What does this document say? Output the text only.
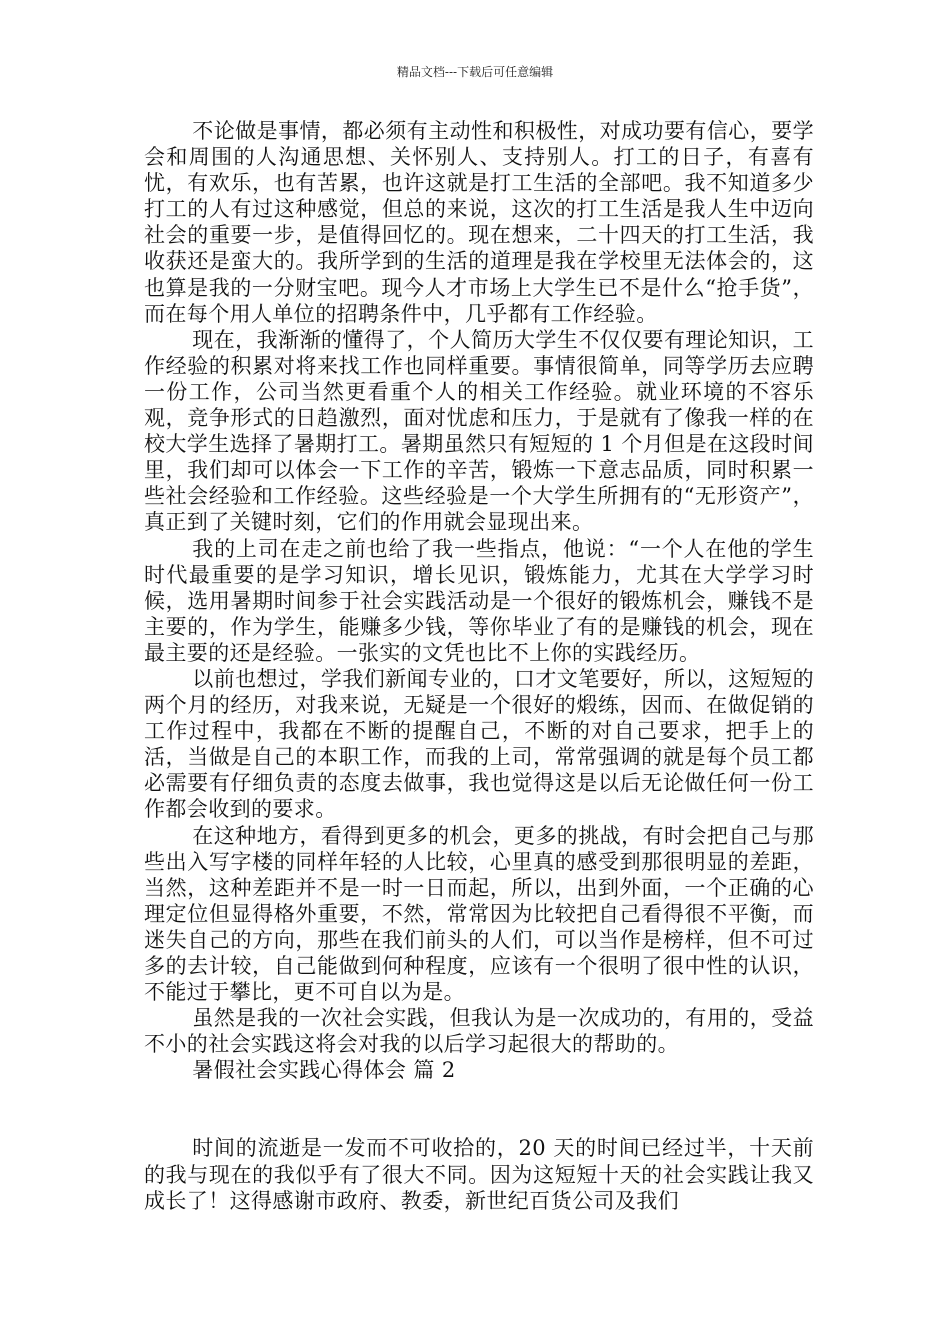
精品文档---下载后可任意编辑

不论做是事情，都必须有主动性和积极性，对成功要有信心，要学会和周围的人沟通思想、关怀别人、支持别人。打工的日子，有喜有忧，有欢乐，也有苦累，也许这就是打工生活的全部吧。我不知道多少打工的人有过这种感觉，但总的来说，这次的打工生活是我人生中迈向社会的重要一步，是值得回忆的。现在想来，二十四天的打工生活，我收获还是蛮大的。我所学到的生活的道理是我在学校里无法体会的，这也算是我的一分财宝吧。现今人才市场上大学生已不是什么“抢手货”，而在每个用人单位的招聘条件中，几乎都有工作经验。

现在，我渐渐的懂得了，个人简历大学生不仅仅要有理论知识，工作经验的积累对将来找工作也同样重要。事情很简单，同等学历去应聘一份工作，公司当然更看重个人的相关工作经验。就业环境的不容乐观，竞争形式的日趋激烈，面对忧虑和压力，于是就有了像我一样的在校大学生选择了暑期打工。暑期虽然只有短短的 1 个月但是在这段时间里，我们却可以体会一下工作的辛苦，锻炼一下意志品质，同时积累一些社会经验和工作经验。这些经验是一个大学生所拥有的“无形资产”，真正到了关键时刻，它们的作用就会显现出来。

我的上司在走之前也给了我一些指点，他说：“一个人在他的学生时代最重要的是学习知识，增长见识，锻炼能力，尤其在大学学习时候，选用暑期时间参于社会实践活动是一个很好的锻炼机会，赚钱不是主要的，作为学生，能赚多少钱，等你毕业了有的是赚钱的机会，现在最主要的还是经验。一张实的文凭也比不上你的实践经历。

以前也想过，学我们新闻专业的，口才文笔要好，所以，这短短的两个月的经历，对我来说，无疑是一个很好的煅练，因而、在做促销的工作过程中，我都在不断的提醒自己，不断的对自己要求，把手上的活，当做是自己的本职工作，而我的上司，常常强调的就是每个员工都必需要有仔细负责的态度去做事，我也觉得这是以后无论做任何一份工作都会收到的要求。

在这种地方，看得到更多的机会，更多的挑战，有时会把自己与那些出入写字楼的同样年轻的人比较，心里真的感受到那很明显的差距，当然，这种差距并不是一时一日而起，所以，出到外面，一个正确的心理定位但显得格外重要，不然，常常因为比较把自己看得很不平衡，而迷失自己的方向，那些在我们前头的人们，可以当作是榜样，但不可过多的去计较，自己能做到何种程度，应该有一个很明了很中性的认识，不能过于攀比，更不可自以为是。

虽然是我的一次社会实践，但我认为是一次成功的，有用的，受益不小的社会实践这将会对我的以后学习起很大的帮助的。

暑假社会实践心得体会 篇 2

时间的流逝是一发而不可收拾的，20 天的时间已经过半，十天前的我与现在的我似乎有了很大不同。因为这短短十天的社会实践让我又成长了！这得感谢市政府、教委，新世纪百货公司及我们
